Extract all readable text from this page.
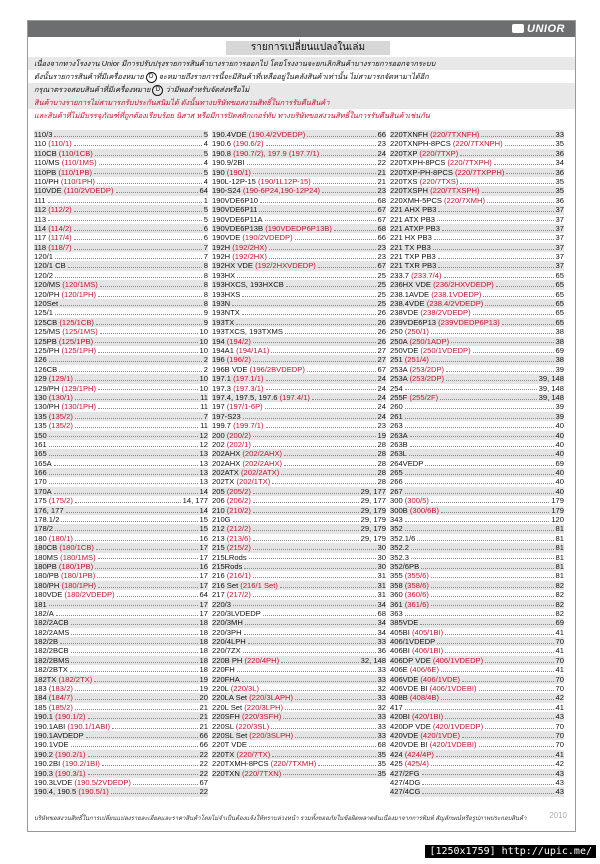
UNIOR
รายการเปลี่ยนแปลงในเล่ม
เนื่องจากทางโรงงาน Unior มีการปรับปรุงรายการสินค้าบางรายการออกไป โดยโรงงานจะยกเลิกสินค้าบางรายการออกจากระบบ
ดังนั้นรายการสินค้าที่มีเครื่องหมาย D จะหมายถึงรายการนี้จะมีสินค้าที่เหลืออยู่ในคลังสินค้าเท่านั้น ไม่สามารถจัดหามาได้อีก
กรุณาตรวจสอบสินค้าที่มีเครื่องหมาย D ว่ามีพอสำหรับจัดส่งหรือไม่
สินค้าบางรายการไม่สามารถรับประกันสนิมได้ ดังนั้นทางบริษัทขอสงวนสิทธิ์ในการรับคืนสินค้า
และสินค้าที่ไม่มีบรรจุภัณฑ์ที่ถูกต้องเรียบร้อย นิสาส หรือมีการปิดสติกเกอร์ทับ ทางบริษัทขอสงวนสิทธิ์ในการรับคืนสินค้าเช่นกัน
110/3	5
110 (110/1)	4
110CB (110/1CB)	5
110/MS (110/1MS)	4
110PB (110/1PB)	5
110/PH (110/1PH)	4
110VDE (110/2VDEDP)	64
111	1
112 (112/2)	5
113	5
114 (114/2)	6
117 (117/4)	6
118 (118/7)	7
120/1	7
120/1 CB	8
120/2	8
120/MS (120/1MS)	8
120/PH (120/1PH)	8
120Set	8
125/1	9
125CB (125/1CB)	9
125/MS (125/1MS)	10
125PB (125/1PB)	10
125/PH (125/1PH)	10
126	2
126CB	2
129 (129/1)	10
129/PH (129/1PH)	10
130 (130/1)	11
130/PH (130/1PH)	11
135 (135/2)	7
135 (135/2)	11
150	12
161	12
165	13
165A	13
166	13
170	13
170A	14
175 (175/2)	14, 177
176, 177	14
178.1/2	15
178/2	15
180 (180/1)	16
180CB (180/1CB)	17
180MS (180/1MS)	17
180PB (180/1PB)	16
180/PB (180/1PB)	17
180/PH (180/1PH)	17
180VDE (180/2VDEDP)	64
181	17
182/A	17
182/2ACB	18
182/2AMS	18
182/2B	18
182/2BCB	18
182/2BMS	18
182/2BTX	18
182TX (182/2TX)	19
183 (183/2)	19
184 (184/7)	20
185 (185/2)	21
190.1 (190.1/2)	21
190.1ABI (190.1/1ABI)	21
190.1AVDEDP	66
190.1VDE	66
190.2 (190.2/1)	22
190.2BI (190.2/1BI)	22
190.3 (190.3/1)	22
190.3LVDE (190.5/2VDEDP)	67
190.4, 190.5 (190.5/1)	22
190.4VDE (190.4/2VDEDP)	66
190.6 (190.6/2)	23
190.8 (190.7/2), 197.9 (197.7/1)	24
190.9/2BI	22
190 (190/1)	21
190L-12P-15 (190/1L12P-15)	21
190-S24 (190-6P24,190-12P24)	23
190VDE6P10	68
190VDE6P11	67
190VDE6P11A	67
190VDE6P13B (190VDEDP6P13B)	68
190VDE (190/2VDEDP)	66
192H (192/2HX)	23
192H (192/2HX)	23
192HX VDE (192/2HXVDEDP)	67
193HX	25
193HXCS, 193HXCB	25
193HXS	25
193N	25
193NTX	26
193TX	26
193TXCS, 193TXMS	26
194 (194/2)	26
194A1 (194/1A1)	27
196 (196/2)	27
196B VDE (196/2BVDEDP)	67
197.1 (197.1/1)	24
197.3 (197.3/1)	24
197.4, 197.5, 197.6 (197.4/1)	24
197 (197/1-6P)	24
197-S23	24
199.7 (199.7/1)	23
200 (200/2)	19
202 (202/1)	28
202AHX (202/2AHX)	28
202AHX (202/2AHX)	28
202ATX (202/2ATX)	28
202TX (202/1TX)	28
205 (205/2)	29, 177
206 (206/2)	29, 177
210 (210/2)	29, 179
210G	29, 179
212 (212/2)	29, 179
213 (213/6)	29, 179
215 (215/2)	30
215LRods	30
215Rods	30
216 (216/1)	31
216 Set (216/1 Set)	31
217 (217/2)	31
220/3	34
220/3LVDEDP	68
220/3MH	34
220/3PH	34
220/4LPH	33
220/7ZX	36
220B PH (220/4PH)	32, 148
220FH	33
220FHA	33
220L (220/3L)	32
220LA Set (220/3LAPH)	33
220L Set (220/3LPH)	32
220SFH (220/3SFH)	33
220SL (220/3SL)	33
220SL Set (220/3SLPH)	33
220T VDE	68
220TX (220/7TX)	35
220TXMH-8PCS (220/7TXMH)	35
220TXN (220/7TXN)	35
220TXNFH (220/7TXNFH)	33
220TXNPH-8PCS (220/7TXNPH)	35
220TXP (220/7TXP)	36
220TXPH-8PCS (220/7TXPH)	34
220TXP-PH-8PCS (220/7TXPPH)	36
220TXS (220/7TXS)	35
220TXSPH (220/7TXSPH)	35
220XMH-5PCS (220/7XMH)	36
221 AHX PB3	37
221 ATX PB3	37
221 ATXP PB3	37
221 HX PB3	37
221 TX PB3	37
221 TXP PB3	37
221 TXR PB3	37
233.7 (233.7/4)	65
236HX VDE (236/2HXVDEDP)	65
238.1AVDE (238.1VDEDP)	65
238.4VDE (238.4/2VDEDP)	65
238VDE (238/2VDEDP)	65
239VDE6P13 (239VDEDP6P13)	65
250 (250/1)	38
250A (250/1ADP)	38
250VDE (250/1VDEDP)	69
251 (251/4)	38
253A (253/2DP)	39
253A (253/2DP)	39, 148
254	39, 148
255F (255/2F)	39, 148
260	39
261	39
263	40
263A	40
263B	40
263L	40
264VEDP	69
265	40
266	40
267	40
300 (300/5)	179
300B (300/6B)	179
343	120
352	81
352.1/6	81
352.2	81
352.3	81
352/6PB	81
355 (355/6)	81
358 (358/6)	82
360 (360/6)	82
361 (361/6)	82
363	82
385VDE	69
405BI (405/1BI)	41
406/1VDEDP	70
406BI (406/1BI)	41
406DP VDE (406/1VDEDP)	70
406E (406/6E)	41
406VDE (406/1VDE)	70
406VDE BI (406/1VDEBI)	70
408B (408/4B)	42
417	41
420BI (420/1BI)	43
420DP VDE (420/1VDEDP)	70
420VDE (420/1VDE)	70
420VDE BI (420/1VDEBI)	70
424 (424/4P)	41
425 (425/4)	42
427/2FG	43
427/4DG	43
427/4CG	43
บริษัทขอสงวนสิทธิ์ในการเปลี่ยนแปลงรายละเอียดและราคาสินค้าโดยไม่จำเป็นต้องแจ้งให้ทราบล่วงหน้า รวมทั้งขออภัยในข้อผิดพลาดอันเนื่องมาจากการพิมพ์ สัญลักษณ์หรือรูปภาพประกอบสินค้า	2010
[1250x1759] http://upic.me/
